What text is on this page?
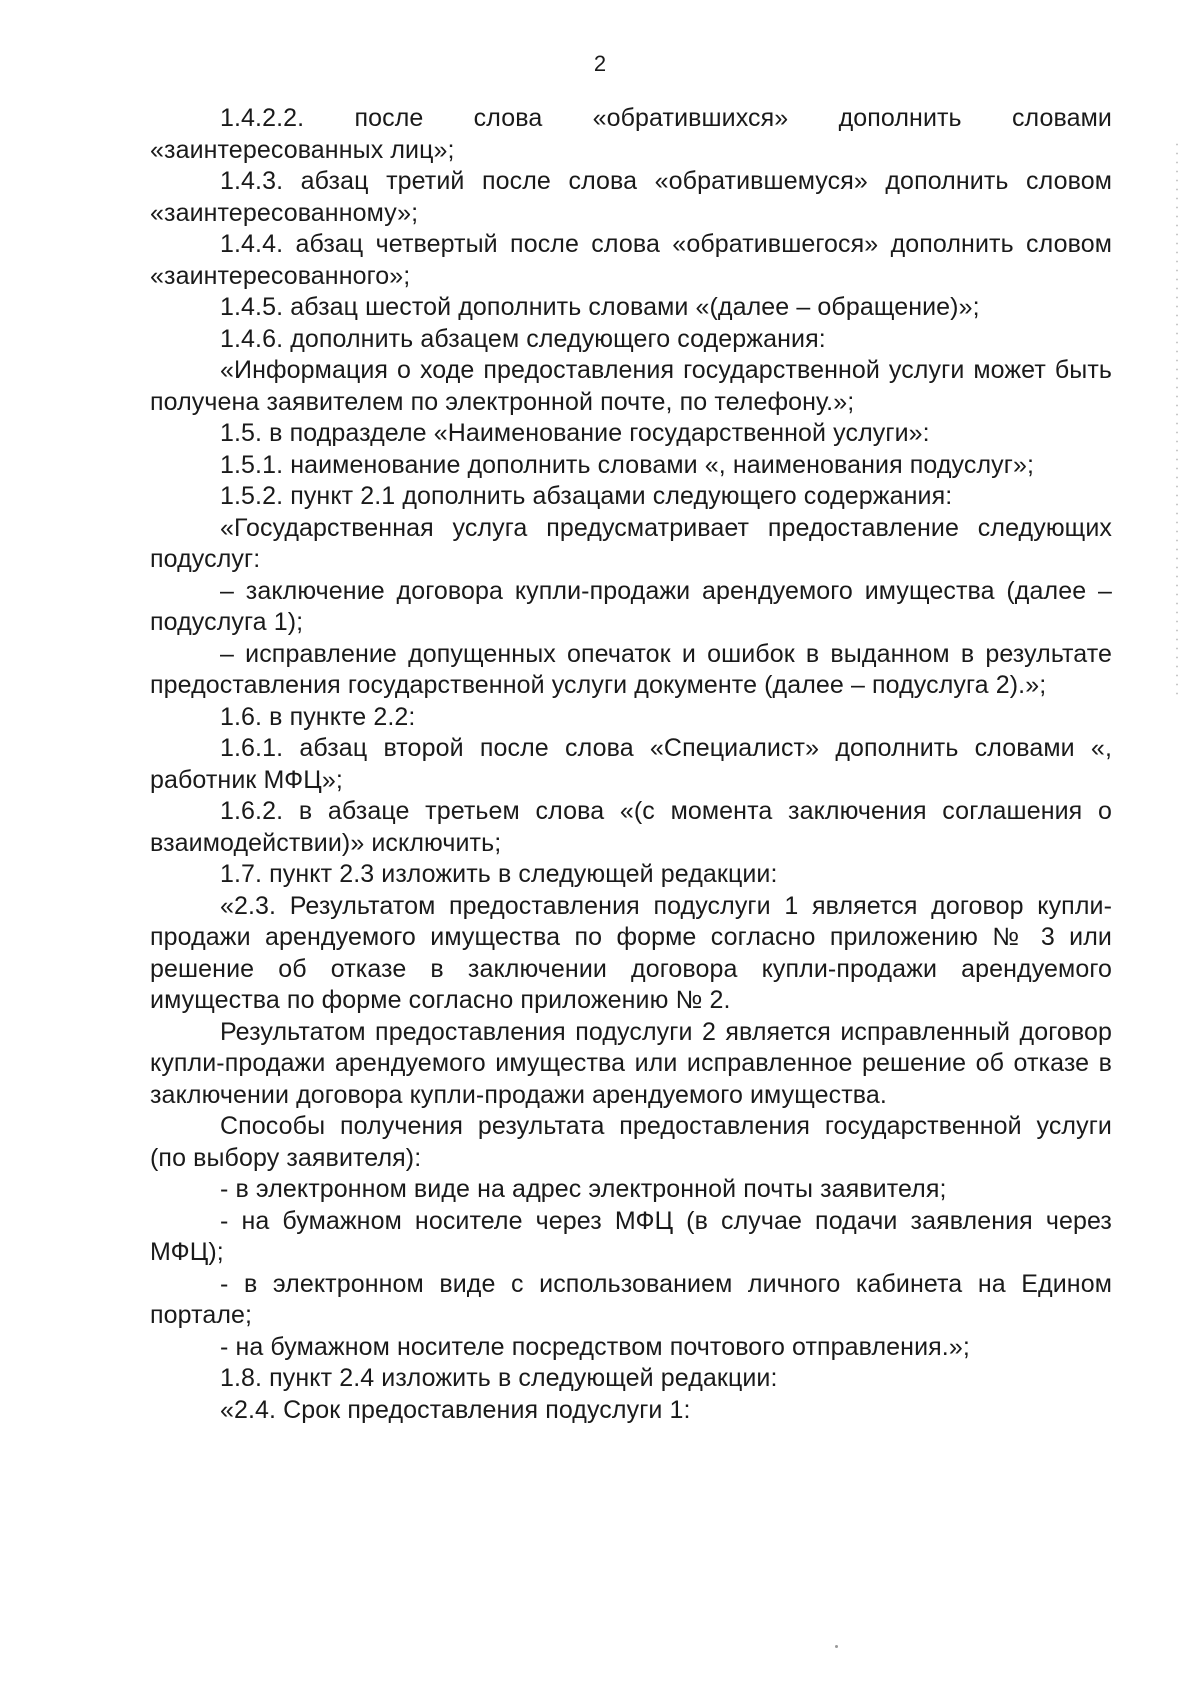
2

1.4.2.2. после слова «обратившихся» дополнить словами «заинтересованных лиц»;

1.4.3. абзац третий после слова «обратившемуся» дополнить словом «заинтересованному»;

1.4.4. абзац четвертый после слова «обратившегося» дополнить словом «заинтересованного»;

1.4.5. абзац шестой дополнить словами «(далее – обращение)»;

1.4.6. дополнить абзацем следующего содержания:

«Информация о ходе предоставления государственной услуги может быть получена заявителем по электронной почте, по телефону.»;

1.5. в подразделе «Наименование государственной услуги»:

1.5.1. наименование дополнить словами «, наименования подуслуг»;

1.5.2. пункт 2.1 дополнить абзацами следующего содержания:

«Государственная услуга предусматривает предоставление следующих подуслуг:

– заключение договора купли-продажи арендуемого имущества (далее – подуслуга 1);

– исправление допущенных опечаток и ошибок в выданном в результате предоставления государственной услуги документе (далее – подуслуга 2).»;

1.6. в пункте 2.2:

1.6.1. абзац второй после слова «Специалист» дополнить словами «, работник МФЦ»;

1.6.2. в абзаце третьем слова «(с момента заключения соглашения о взаимодействии)» исключить;

1.7. пункт 2.3 изложить в следующей редакции:

«2.3. Результатом предоставления подуслуги 1 является договор купли-продажи арендуемого имущества по форме согласно приложению № 3 или решение об отказе в заключении договора купли-продажи арендуемого имущества по форме согласно приложению № 2.

Результатом предоставления подуслуги 2 является исправленный договор купли-продажи арендуемого имущества или исправленное решение об отказе в заключении договора купли-продажи арендуемого имущества.

Способы получения результата предоставления государственной услуги (по выбору заявителя):

- в электронном виде на адрес электронной почты заявителя;

- на бумажном носителе через МФЦ (в случае подачи заявления через МФЦ);

- в электронном виде с использованием личного кабинета на Едином портале;

- на бумажном носителе посредством почтового отправления.»;

1.8. пункт 2.4 изложить в следующей редакции:

«2.4. Срок предоставления подуслуги 1:
